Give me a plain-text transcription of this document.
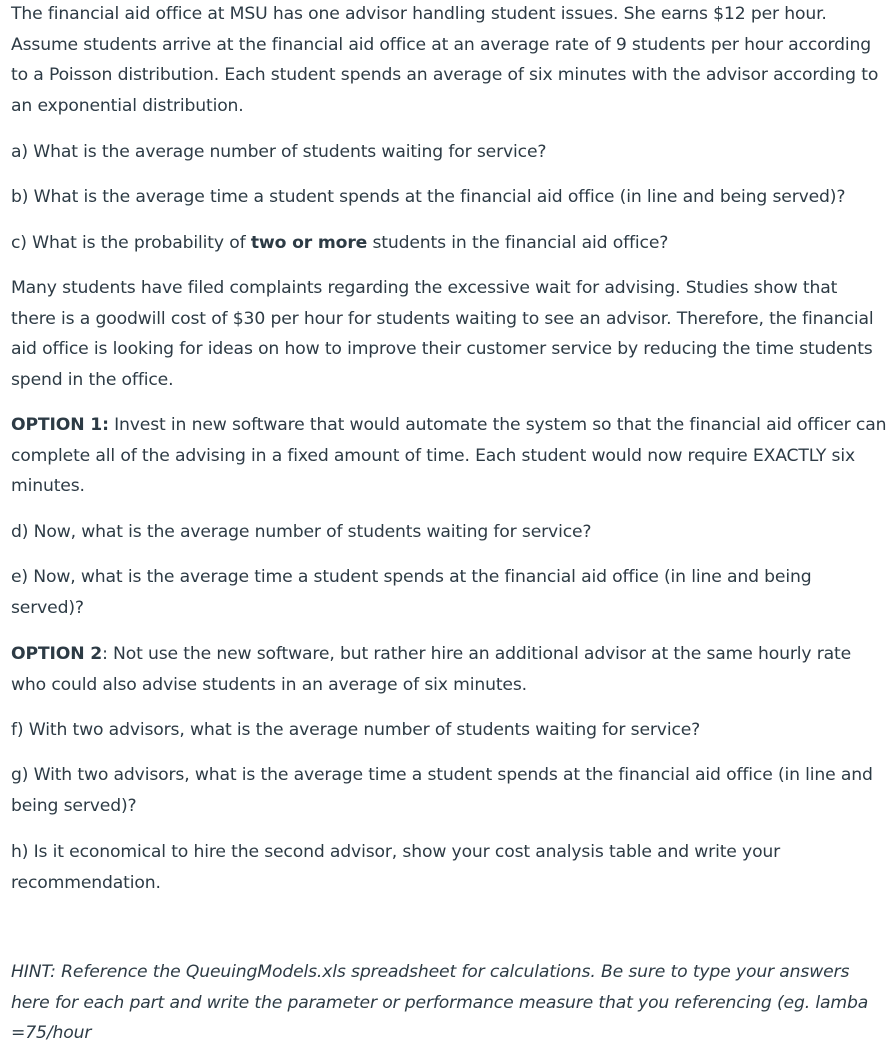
The financial aid office at MSU has one advisor handling student issues. She earns $12 per hour. Assume students arrive at the financial aid office at an average rate of 9 students per hour according to a Poisson distribution. Each student spends an average of six minutes with the advisor according to an exponential distribution.

a) What is the average number of students waiting for service?

b) What is the average time a student spends at the financial aid office (in line and being served)?

c) What is the probability of two or more students in the financial aid office?

Many students have filed complaints regarding the excessive wait for advising. Studies show that there is a goodwill cost of $30 per hour for students waiting to see an advisor. Therefore, the financial aid office is looking for ideas on how to improve their customer service by reducing the time students spend in the office.

OPTION 1: Invest in new software that would automate the system so that the financial aid officer can complete all of the advising in a fixed amount of time. Each student would now require EXACTLY six minutes.

d) Now, what is the average number of students waiting for service?

e) Now, what is the average time a student spends at the financial aid office (in line and being served)?

OPTION 2: Not use the new software, but rather hire an additional advisor at the same hourly rate who could also advise students in an average of six minutes.

f) With two advisors, what is the average number of students waiting for service?

g) With two advisors, what is the average time a student spends at the financial aid office (in line and being served)?

h) Is it economical to hire the second advisor, show your cost analysis table and write your recommendation.

HINT: Reference the QueuingModels.xls spreadsheet for calculations. Be sure to type your answers here for each part and write the parameter or performance measure that you referencing (eg. lamba =75/hour
